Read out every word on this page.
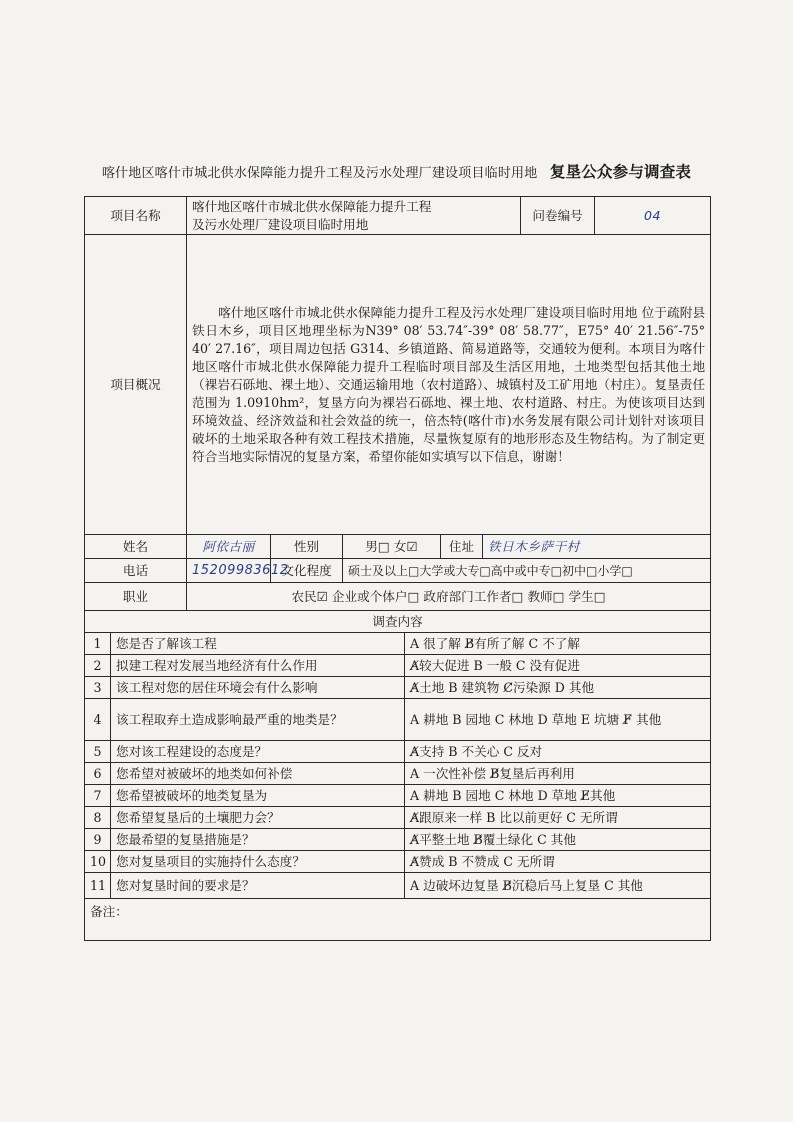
喀什地区喀什市城北供水保障能力提升工程及污水处理厂建设项目临时用地 复垦公众参与调查表
项目名称		喀什地区喀什市城北供水保障能力提升工程
及污水处理厂建设项目临时用地						问卷编号	04
项目概况		喀什地区喀什市城北供水保障能力提升工程及污水处理厂建设项目临时用地 位于疏附县铁日木乡，项目区地理坐标为N39° 08′ 53.74″-39° 08′ 58.77″，E75° 40′ 21.56″-75° 40′ 27.16″，项目周边包括 G314、乡镇道路、简易道路等，交通较为便利。本项目为喀什地区喀什市城北供水保障能力提升工程临时项目部及生活区用地，土地类型包括其他土地（裸岩石砾地、裸土地）、交通运输用地（农村道路）、城镇村及工矿用地（村庄）。复垦责任范围为 1.0910hm²，复垦方向为裸岩石砾地、裸土地、农村道路、村庄。为使该项目达到环境效益、经济效益和社会效益的统一，倍杰特(喀什市)水务发展有限公司计划针对该项目破坏的土地采取各种有效工程技术措施，尽量恢复原有的地形形态及生物结构。为了制定更符合当地实际情况的复垦方案，希望你能如实填写以下信息，谢谢！							
姓名		阿依古丽	性别	男□ 女☑		住址	铁日木乡萨干村		
电话		15209983612	文化程度	硕士及以上□大学或大专□高中或中专□初中□小学□					
职业		农民☑ 企业或个体户□ 政府部门工作者□ 教师□ 学生□							
调查内容									
1	您是否了解该工程				A 很了解 B̸有所了解 C 不了解				
2	拟建工程对发展当地经济有什么作用				A̸较大促进 B 一般 C 没有促进				
3	该工程对您的居住环境会有什么影响				A̸土地 B 建筑物 C̸污染源 D 其他				
4	该工程取弃土造成影响最严重的地类是？				A 耕地 B 园地 C 林地 D 草地 E 坑塘 F̸ 其他				
5	您对该工程建设的态度是？				A̸支持 B 不关心 C 反对				
6	您希望对被破坏的地类如何补偿				A 一次性补偿 B̸复垦后再利用				
7	您希望被破坏的地类复垦为				A 耕地 B 园地 C 林地 D 草地 E̸其他				
8	您希望复垦后的土壤肥力会？				A̸跟原来一样 B 比以前更好 C 无所谓				
9	您最希望的复垦措施是？				A̸平整土地 B̸覆土绿化 C 其他				
10	您对复垦项目的实施持什么态度？				A̸赞成 B 不赞成 C 无所谓				
11	您对复垦时间的要求是？				A 边破坏边复垦 B̸沉稳后马上复垦 C 其他				
备注：									
